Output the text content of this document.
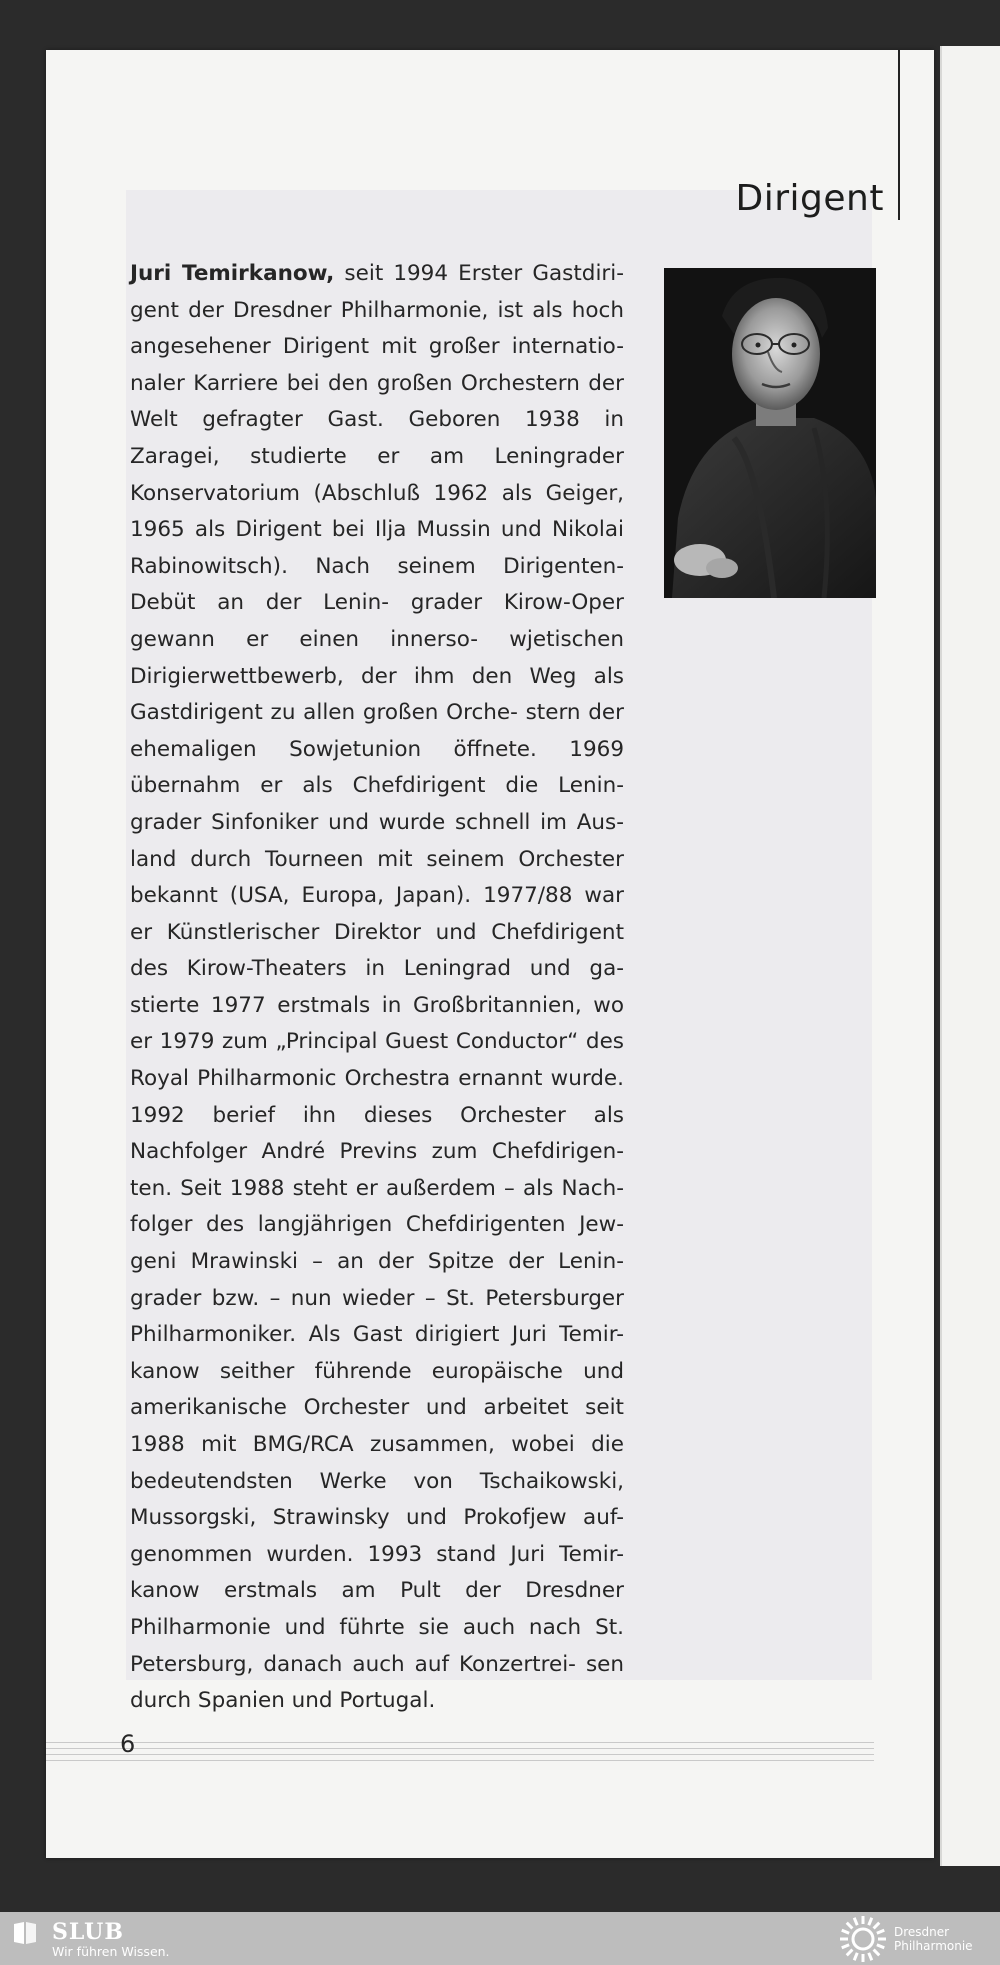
Dirigent

Juri Temirkanow, seit 1994 Erster Gastdiri- gent der Dresdner Philharmonie, ist als hoch angesehener Dirigent mit großer internatio- naler Karriere bei den großen Orchestern der Welt gefragter Gast. Geboren 1938 in Zaragei, studierte er am Leningrader Konservatorium (Abschluß 1962 als Geiger, 1965 als Dirigent bei Ilja Mussin und Nikolai Rabinowitsch). Nach seinem Dirigenten-Debüt an der Lenin- grader Kirow-Oper gewann er einen innerso- wjetischen Dirigierwettbewerb, der ihm den Weg als Gastdirigent zu allen großen Orche- stern der ehemaligen Sowjetunion öffnete. 1969 übernahm er als Chefdirigent die Lenin- grader Sinfoniker und wurde schnell im Aus- land durch Tourneen mit seinem Orchester bekannt (USA, Europa, Japan). 1977/88 war er Künstlerischer Direktor und Chefdirigent des Kirow-Theaters in Leningrad und ga- stierte 1977 erstmals in Großbritannien, wo er 1979 zum „Principal Guest Conductor“ des Royal Philharmonic Orchestra ernannt wurde. 1992 berief ihn dieses Orchester als Nachfolger André Previns zum Chefdirigen- ten. Seit 1988 steht er außerdem – als Nach- folger des langjährigen Chefdirigenten Jew- geni Mrawinski – an der Spitze der Lenin- grader bzw. – nun wieder – St. Petersburger Philharmoniker. Als Gast dirigiert Juri Temir- kanow seither führende europäische und amerikanische Orchester und arbeitet seit 1988 mit BMG/RCA zusammen, wobei die bedeutendsten Werke von Tschaikowski, Mussorgski, Strawinsky und Prokofjew auf- genommen wurden. 1993 stand Juri Temir- kanow erstmals am Pult der Dresdner Philharmonie und führte sie auch nach St. Petersburg, danach auch auf Konzertrei- sen durch Spanien und Portugal.

6
SLUB
Wir führen Wissen.
Dresdner
Philharmonie
